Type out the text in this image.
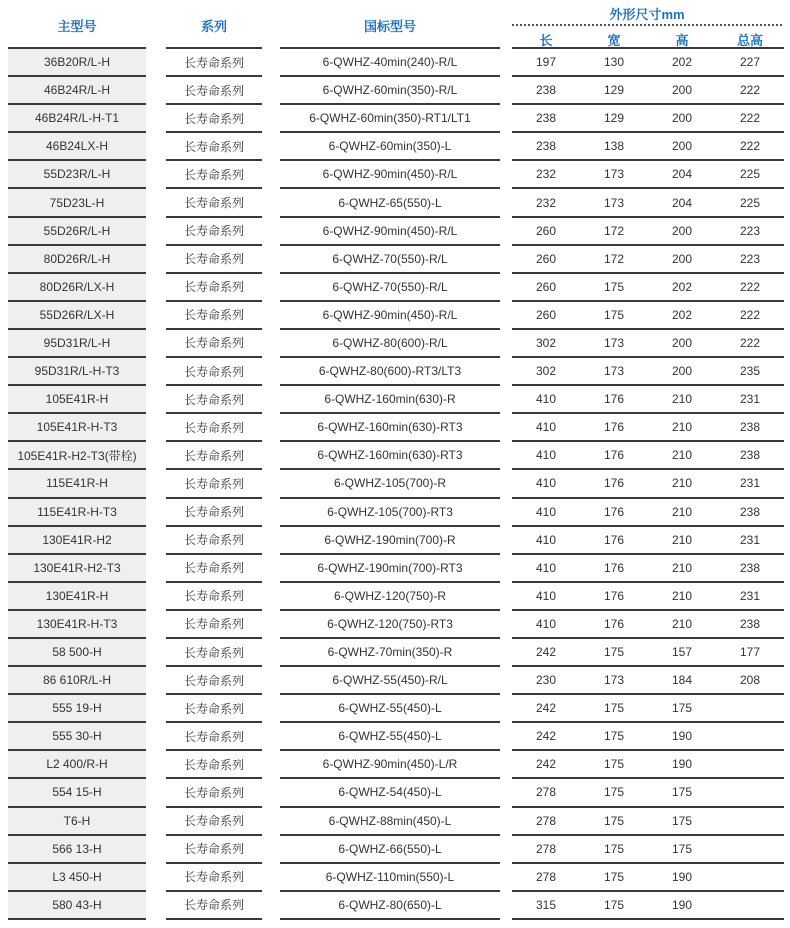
主型号	系列	国标型号
外形尺寸mm
长	宽	高	总高
	36B20R/L-H		长寿命系列		6-QWHZ-40min(240)-R/L		197	130	202	227
	46B24R/L-H		长寿命系列		6-QWHZ-60min(350)-R/L		238	129	200	222
	46B24R/L-H-T1		长寿命系列		6-QWHZ-60min(350)-RT1/LT1		238	129	200	222
	46B24LX-H		长寿命系列		6-QWHZ-60min(350)-L		238	138	200	222
	55D23R/L-H		长寿命系列		6-QWHZ-90min(450)-R/L		232	173	204	225
	75D23L-H		长寿命系列		6-QWHZ-65(550)-L		232	173	204	225
	55D26R/L-H		长寿命系列		6-QWHZ-90min(450)-R/L		260	172	200	223
	80D26R/L-H		长寿命系列		6-QWHZ-70(550)-R/L		260	172	200	223
	80D26R/LX-H		长寿命系列		6-QWHZ-70(550)-R/L		260	175	202	222
	55D26R/LX-H		长寿命系列		6-QWHZ-90min(450)-R/L		260	175	202	222
	95D31R/L-H		长寿命系列		6-QWHZ-80(600)-R/L		302	173	200	222
	95D31R/L-H-T3		长寿命系列		6-QWHZ-80(600)-RT3/LT3		302	173	200	235
	105E41R-H		长寿命系列		6-QWHZ-160min(630)-R		410	176	210	231
	105E41R-H-T3		长寿命系列		6-QWHZ-160min(630)-RT3		410	176	210	238
	105E41R-H2-T3(带栓)		长寿命系列		6-QWHZ-160min(630)-RT3		410	176	210	238
	115E41R-H		长寿命系列		6-QWHZ-105(700)-R		410	176	210	231
	115E41R-H-T3		长寿命系列		6-QWHZ-105(700)-RT3		410	176	210	238
	130E41R-H2		长寿命系列		6-QWHZ-190min(700)-R		410	176	210	231
	130E41R-H2-T3		长寿命系列		6-QWHZ-190min(700)-RT3		410	176	210	238
	130E41R-H		长寿命系列		6-QWHZ-120(750)-R		410	176	210	231
	130E41R-H-T3		长寿命系列		6-QWHZ-120(750)-RT3		410	176	210	238
	58 500-H		长寿命系列		6-QWHZ-70min(350)-R		242	175	157	177
	86 610R/L-H		长寿命系列		6-QWHZ-55(450)-R/L		230	173	184	208
	555 19-H		长寿命系列		6-QWHZ-55(450)-L		242	175	175	
	555 30-H		长寿命系列		6-QWHZ-55(450)-L		242	175	190	
	L2 400/R-H		长寿命系列		6-QWHZ-90min(450)-L/R		242	175	190	
	554 15-H		长寿命系列		6-QWHZ-54(450)-L		278	175	175	
	T6-H		长寿命系列		6-QWHZ-88min(450)-L		278	175	175	
	566 13-H		长寿命系列		6-QWHZ-66(550)-L		278	175	175	
	L3 450-H		长寿命系列		6-QWHZ-110min(550)-L		278	175	190	
	580 43-H		长寿命系列		6-QWHZ-80(650)-L		315	175	190	
